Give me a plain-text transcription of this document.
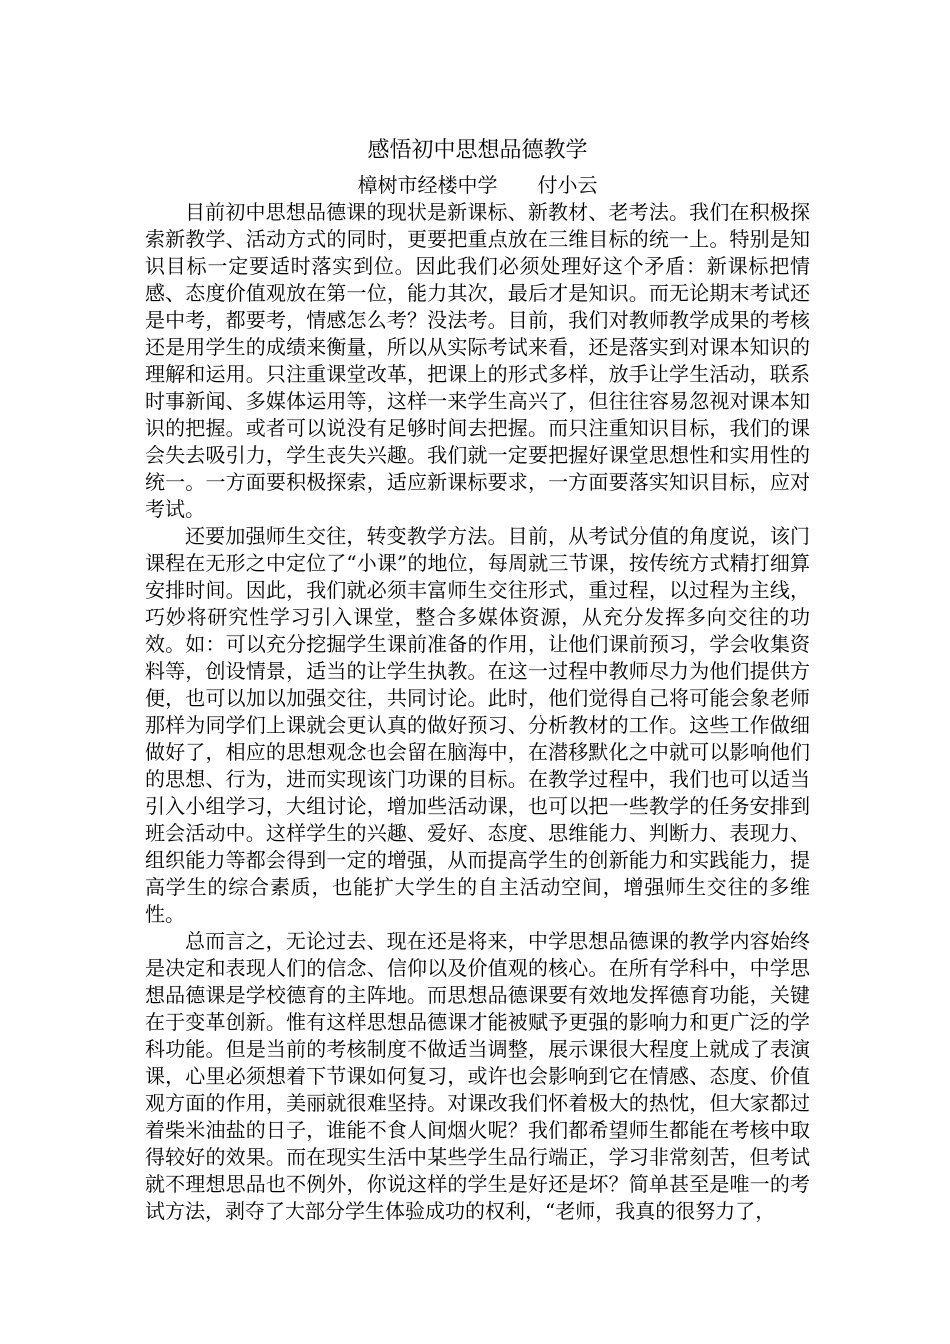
感悟初中思想品德教学

樟树市经楼中学　　付小云

目前初中思想品德课的现状是新课标、新教材、老考法。我们在积极探索新教学、活动方式的同时，更要把重点放在三维目标的统一上。特别是知识目标一定要适时落实到位。因此我们必须处理好这个矛盾：新课标把情感、态度价值观放在第一位，能力其次，最后才是知识。而无论期末考试还是中考，都要考，情感怎么考？没法考。目前，我们对教师教学成果的考核还是用学生的成绩来衡量，所以从实际考试来看，还是落实到对课本知识的理解和运用。只注重课堂改革，把课上的形式多样，放手让学生活动，联系时事新闻、多媒体运用等，这样一来学生高兴了，但往往容易忽视对课本知识的把握。或者可以说没有足够时间去把握。而只注重知识目标，我们的课会失去吸引力，学生丧失兴趣。我们就一定要把握好课堂思想性和实用性的统一。一方面要积极探索，适应新课标要求，一方面要落实知识目标，应对考试。

还要加强师生交往，转变教学方法。目前，从考试分值的角度说，该门课程在无形之中定位了“小课”的地位，每周就三节课，按传统方式精打细算安排时间。因此，我们就必须丰富师生交往形式，重过程，以过程为主线，巧妙将研究性学习引入课堂，整合多媒体资源，从充分发挥多向交往的功效。如：可以充分挖掘学生课前准备的作用，让他们课前预习，学会收集资料等，创设情景，适当的让学生执教。在这一过程中教师尽力为他们提供方便，也可以加以加强交往，共同讨论。此时，他们觉得自己将可能会象老师那样为同学们上课就会更认真的做好预习、分析教材的工作。这些工作做细做好了，相应的思想观念也会留在脑海中，在潜移默化之中就可以影响他们的思想、行为，进而实现该门功课的目标。在教学过程中，我们也可以适当引入小组学习，大组讨论，增加些活动课，也可以把一些教学的任务安排到班会活动中。这样学生的兴趣、爱好、态度、思维能力、判断力、表现力、组织能力等都会得到一定的增强，从而提高学生的创新能力和实践能力，提高学生的综合素质，也能扩大学生的自主活动空间，增强师生交往的多维性。

总而言之，无论过去、现在还是将来，中学思想品德课的教学内容始终是决定和表现人们的信念、信仰以及价值观的核心。在所有学科中，中学思想品德课是学校德育的主阵地。而思想品德课要有效地发挥德育功能，关键在于变革创新。惟有这样思想品德课才能被赋予更强的影响力和更广泛的学科功能。但是当前的考核制度不做适当调整，展示课很大程度上就成了表演课，心里必须想着下节课如何复习，或许也会影响到它在情感、态度、价值观方面的作用，美丽就很难坚持。对课改我们怀着极大的热忱，但大家都过着柴米油盐的日子，谁能不食人间烟火呢？我们都希望师生都能在考核中取得较好的效果。而在现实生活中某些学生品行端正，学习非常刻苦，但考试就不理想思品也不例外，你说这样的学生是好还是坏？简单甚至是唯一的考试方法，剥夺了大部分学生体验成功的权利，“老师，我真的很努力了，
